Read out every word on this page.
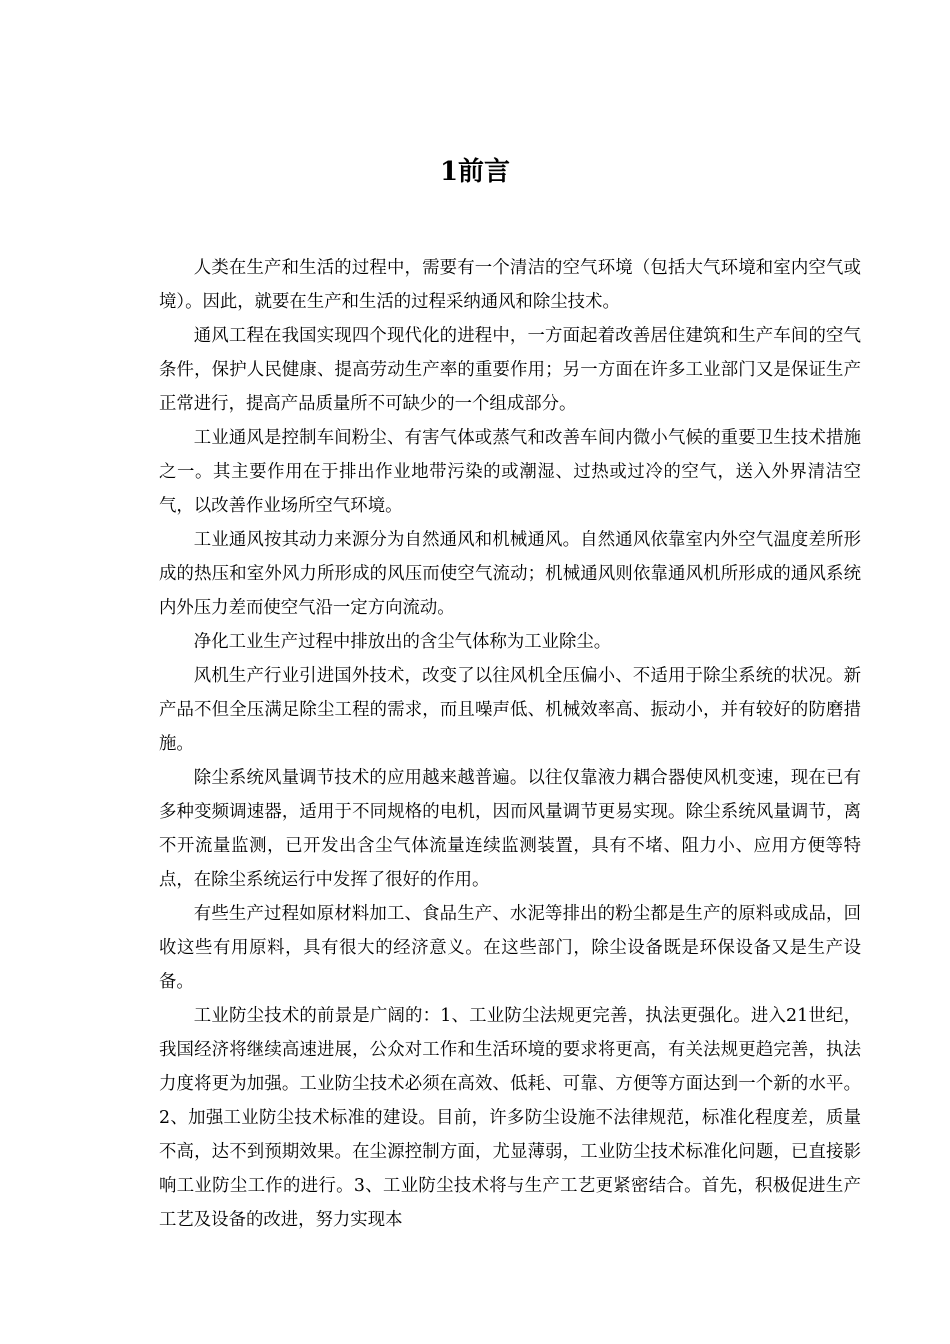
1前言

人类在生产和生活的过程中，需要有一个清洁的空气环境（包括大气环境和室内空气或境）。因此，就要在生产和生活的过程采纳通风和除尘技术。

通风工程在我国实现四个现代化的进程中，一方面起着改善居住建筑和生产车间的空气条件，保护人民健康、提高劳动生产率的重要作用；另一方面在许多工业部门又是保证生产正常进行，提高产品质量所不可缺少的一个组成部分。

工业通风是控制车间粉尘、有害气体或蒸气和改善车间内微小气候的重要卫生技术措施之一。其主要作用在于排出作业地带污染的或潮湿、过热或过冷的空气，送入外界清洁空气，以改善作业场所空气环境。

工业通风按其动力来源分为自然通风和机械通风。自然通风依靠室内外空气温度差所形成的热压和室外风力所形成的风压而使空气流动；机械通风则依靠通风机所形成的通风系统内外压力差而使空气沿一定方向流动。

净化工业生产过程中排放出的含尘气体称为工业除尘。

风机生产行业引进国外技术，改变了以往风机全压偏小、不适用于除尘系统的状况。新产品不但全压满足除尘工程的需求，而且噪声低、机械效率高、振动小，并有较好的防磨措施。

除尘系统风量调节技术的应用越来越普遍。以往仅靠液力耦合器使风机变速，现在已有多种变频调速器，适用于不同规格的电机，因而风量调节更易实现。除尘系统风量调节，离不开流量监测，已开发出含尘气体流量连续监测装置，具有不堵、阻力小、应用方便等特点，在除尘系统运行中发挥了很好的作用。

有些生产过程如原材料加工、食品生产、水泥等排出的粉尘都是生产的原料或成品，回收这些有用原料，具有很大的经济意义。在这些部门，除尘设备既是环保设备又是生产设备。

工业防尘技术的前景是广阔的：1、工业防尘法规更完善，执法更强化。进入21世纪，我国经济将继续高速进展，公众对工作和生活环境的要求将更高，有关法规更趋完善，执法力度将更为加强。工业防尘技术必须在高效、低耗、可靠、方便等方面达到一个新的水平。2、加强工业防尘技术标准的建设。目前，许多防尘设施不法律规范，标准化程度差，质量不高，达不到预期效果。在尘源控制方面，尤显薄弱，工业防尘技术标准化问题，已直接影响工业防尘工作的进行。3、工业防尘技术将与生产工艺更紧密结合。首先，积极促进生产工艺及设备的改进，努力实现本
